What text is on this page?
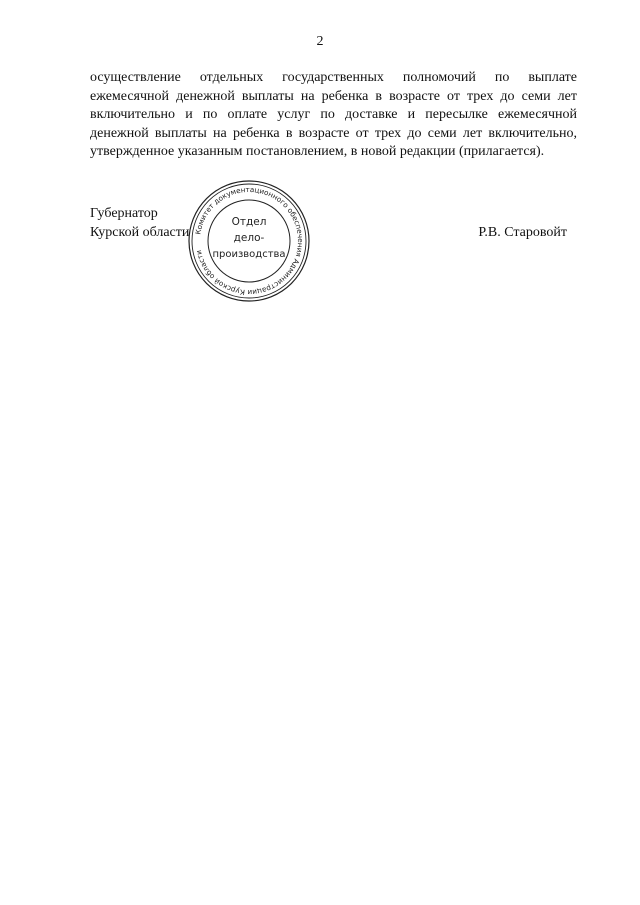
2

осуществление отдельных государственных полномочий по выплате ежемесячной денежной выплаты на ребенка в возрасте от трех до семи лет включительно и по оплате услуг по доставке и пересылке ежемесячной денежной выплаты на ребенка в возрасте от трех до семи лет включительно, утвержденное указанным постановлением, в новой редакции (прилагается).

Губернатор
Курской области	Р.В. Старовойт
Комитет документационного обеспечения Администрации Курской области
Отдел
дело-
производства
